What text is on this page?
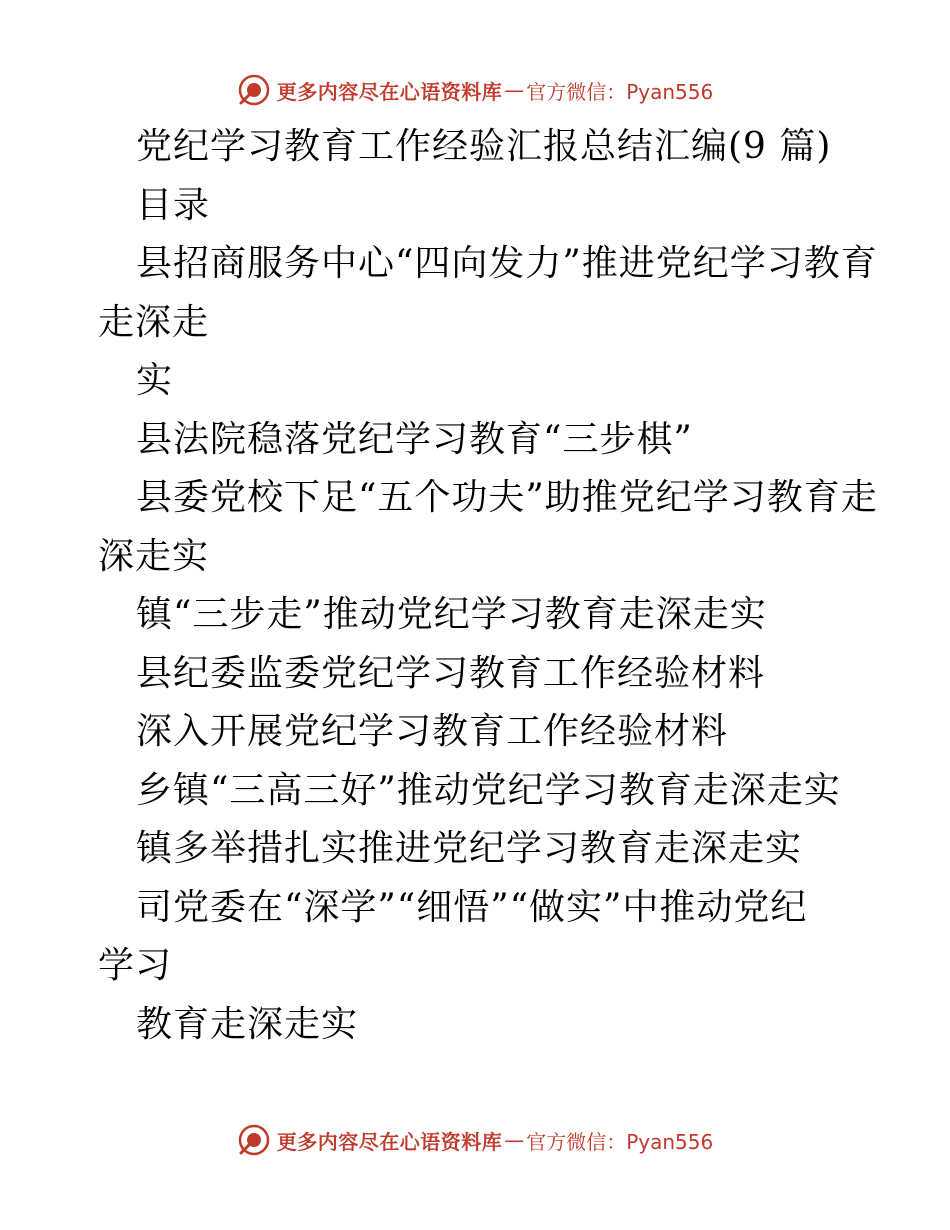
更多内容尽在心语资料库 — 官方微信：Pyan556
党纪学习教育工作经验汇报总结汇编(9 篇)
目录
县招商服务中心“四向发力”推进党纪学习教育
走深走
实
县法院稳落党纪学习教育“三步棋”
县委党校下足“五个功夫”助推党纪学习教育走
深走实
镇“三步走”推动党纪学习教育走深走实
县纪委监委党纪学习教育工作经验材料
深入开展党纪学习教育工作经验材料
乡镇“三高三好”推动党纪学习教育走深走实
镇多举措扎实推进党纪学习教育走深走实
司党委在“深学”“细悟”“做实”中推动党纪
学习
教育走深走实
更多内容尽在心语资料库 — 官方微信：Pyan556
